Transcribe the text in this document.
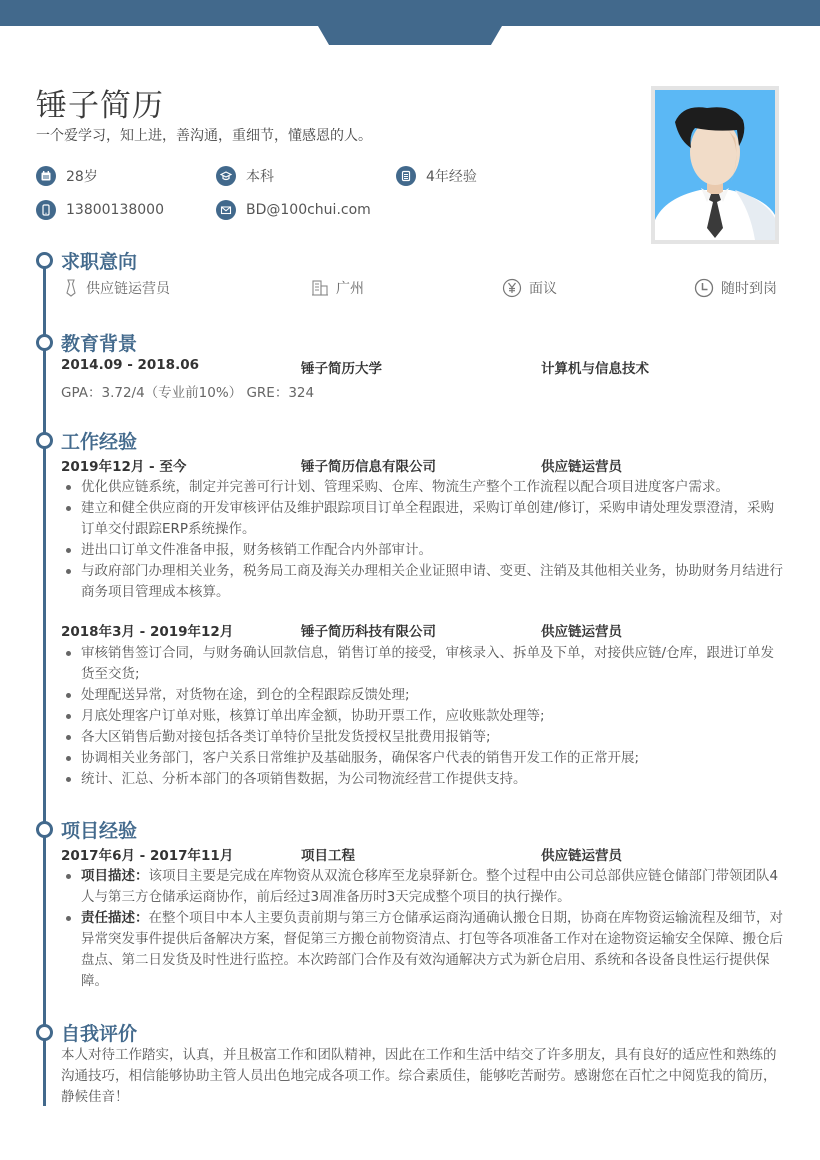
锤子简历
一个爱学习，知上进，善沟通，重细节，懂感恩的人。
28岁	本科	4年经验
13800138000	BD@100chui.com
求职意向
供应链运营员	广州	面议	随时到岗
教育背景
2014.09 - 2018.06	锤子简历大学	计算机与信息技术
GPA：3.72/4（专业前10%） GRE：324
工作经验
2019年12月 - 至今	锤子简历信息有限公司	供应链运营员
优化供应链系统，制定并完善可行计划、管理采购、仓库、物流生产整个工作流程以配合项目进度客户需求。
建立和健全供应商的开发审核评估及维护跟踪项目订单全程跟进，采购订单创建/修订，采购申请处理发票澄清，采购订单交付跟踪ERP系统操作。
进出口订单文件准备申报，财务核销工作配合内外部审计。
与政府部门办理相关业务，税务局工商及海关办理相关企业证照申请、变更、注销及其他相关业务，协助财务月结进行商务项目管理成本核算。
2018年3月 - 2019年12月	锤子简历科技有限公司	供应链运营员
审核销售签订合同，与财务确认回款信息，销售订单的接受，审核录入、拆单及下单，对接供应链/仓库，跟进订单发货至交货;
处理配送异常，对货物在途，到仓的全程跟踪反馈处理;
月底处理客户订单对账，核算订单出库金额，协助开票工作，应收账款处理等;
各大区销售后勤对接包括各类订单特价呈批发货授权呈批费用报销等;
协调相关业务部门，客户关系日常维护及基础服务，确保客户代表的销售开发工作的正常开展;
统计、汇总、分析本部门的各项销售数据，为公司物流经营工作提供支持。
项目经验
2017年6月 - 2017年11月	项目工程	供应链运营员
项目描述：该项目主要是完成在库物资从双流仓移库至龙泉驿新仓。整个过程中由公司总部供应链仓储部门带领团队4人与第三方仓储承运商协作，前后经过3周准备历时3天完成整个项目的执行操作。
责任描述：在整个项目中本人主要负责前期与第三方仓储承运商沟通确认搬仓日期，协商在库物资运输流程及细节，对异常突发事件提供后备解决方案，督促第三方搬仓前物资清点、打包等各项准备工作对在途物资运输安全保障、搬仓后盘点、第二日发货及时性进行监控。本次跨部门合作及有效沟通解决方式为新仓启用、系统和各设备良性运行提供保障。
自我评价
本人对待工作踏实，认真，并且极富工作和团队精神，因此在工作和生活中结交了许多朋友，具有良好的适应性和熟练的沟通技巧，相信能够协助主管人员出色地完成各项工作。综合素质佳，能够吃苦耐劳。感谢您在百忙之中阅览我的简历，静候佳音！
